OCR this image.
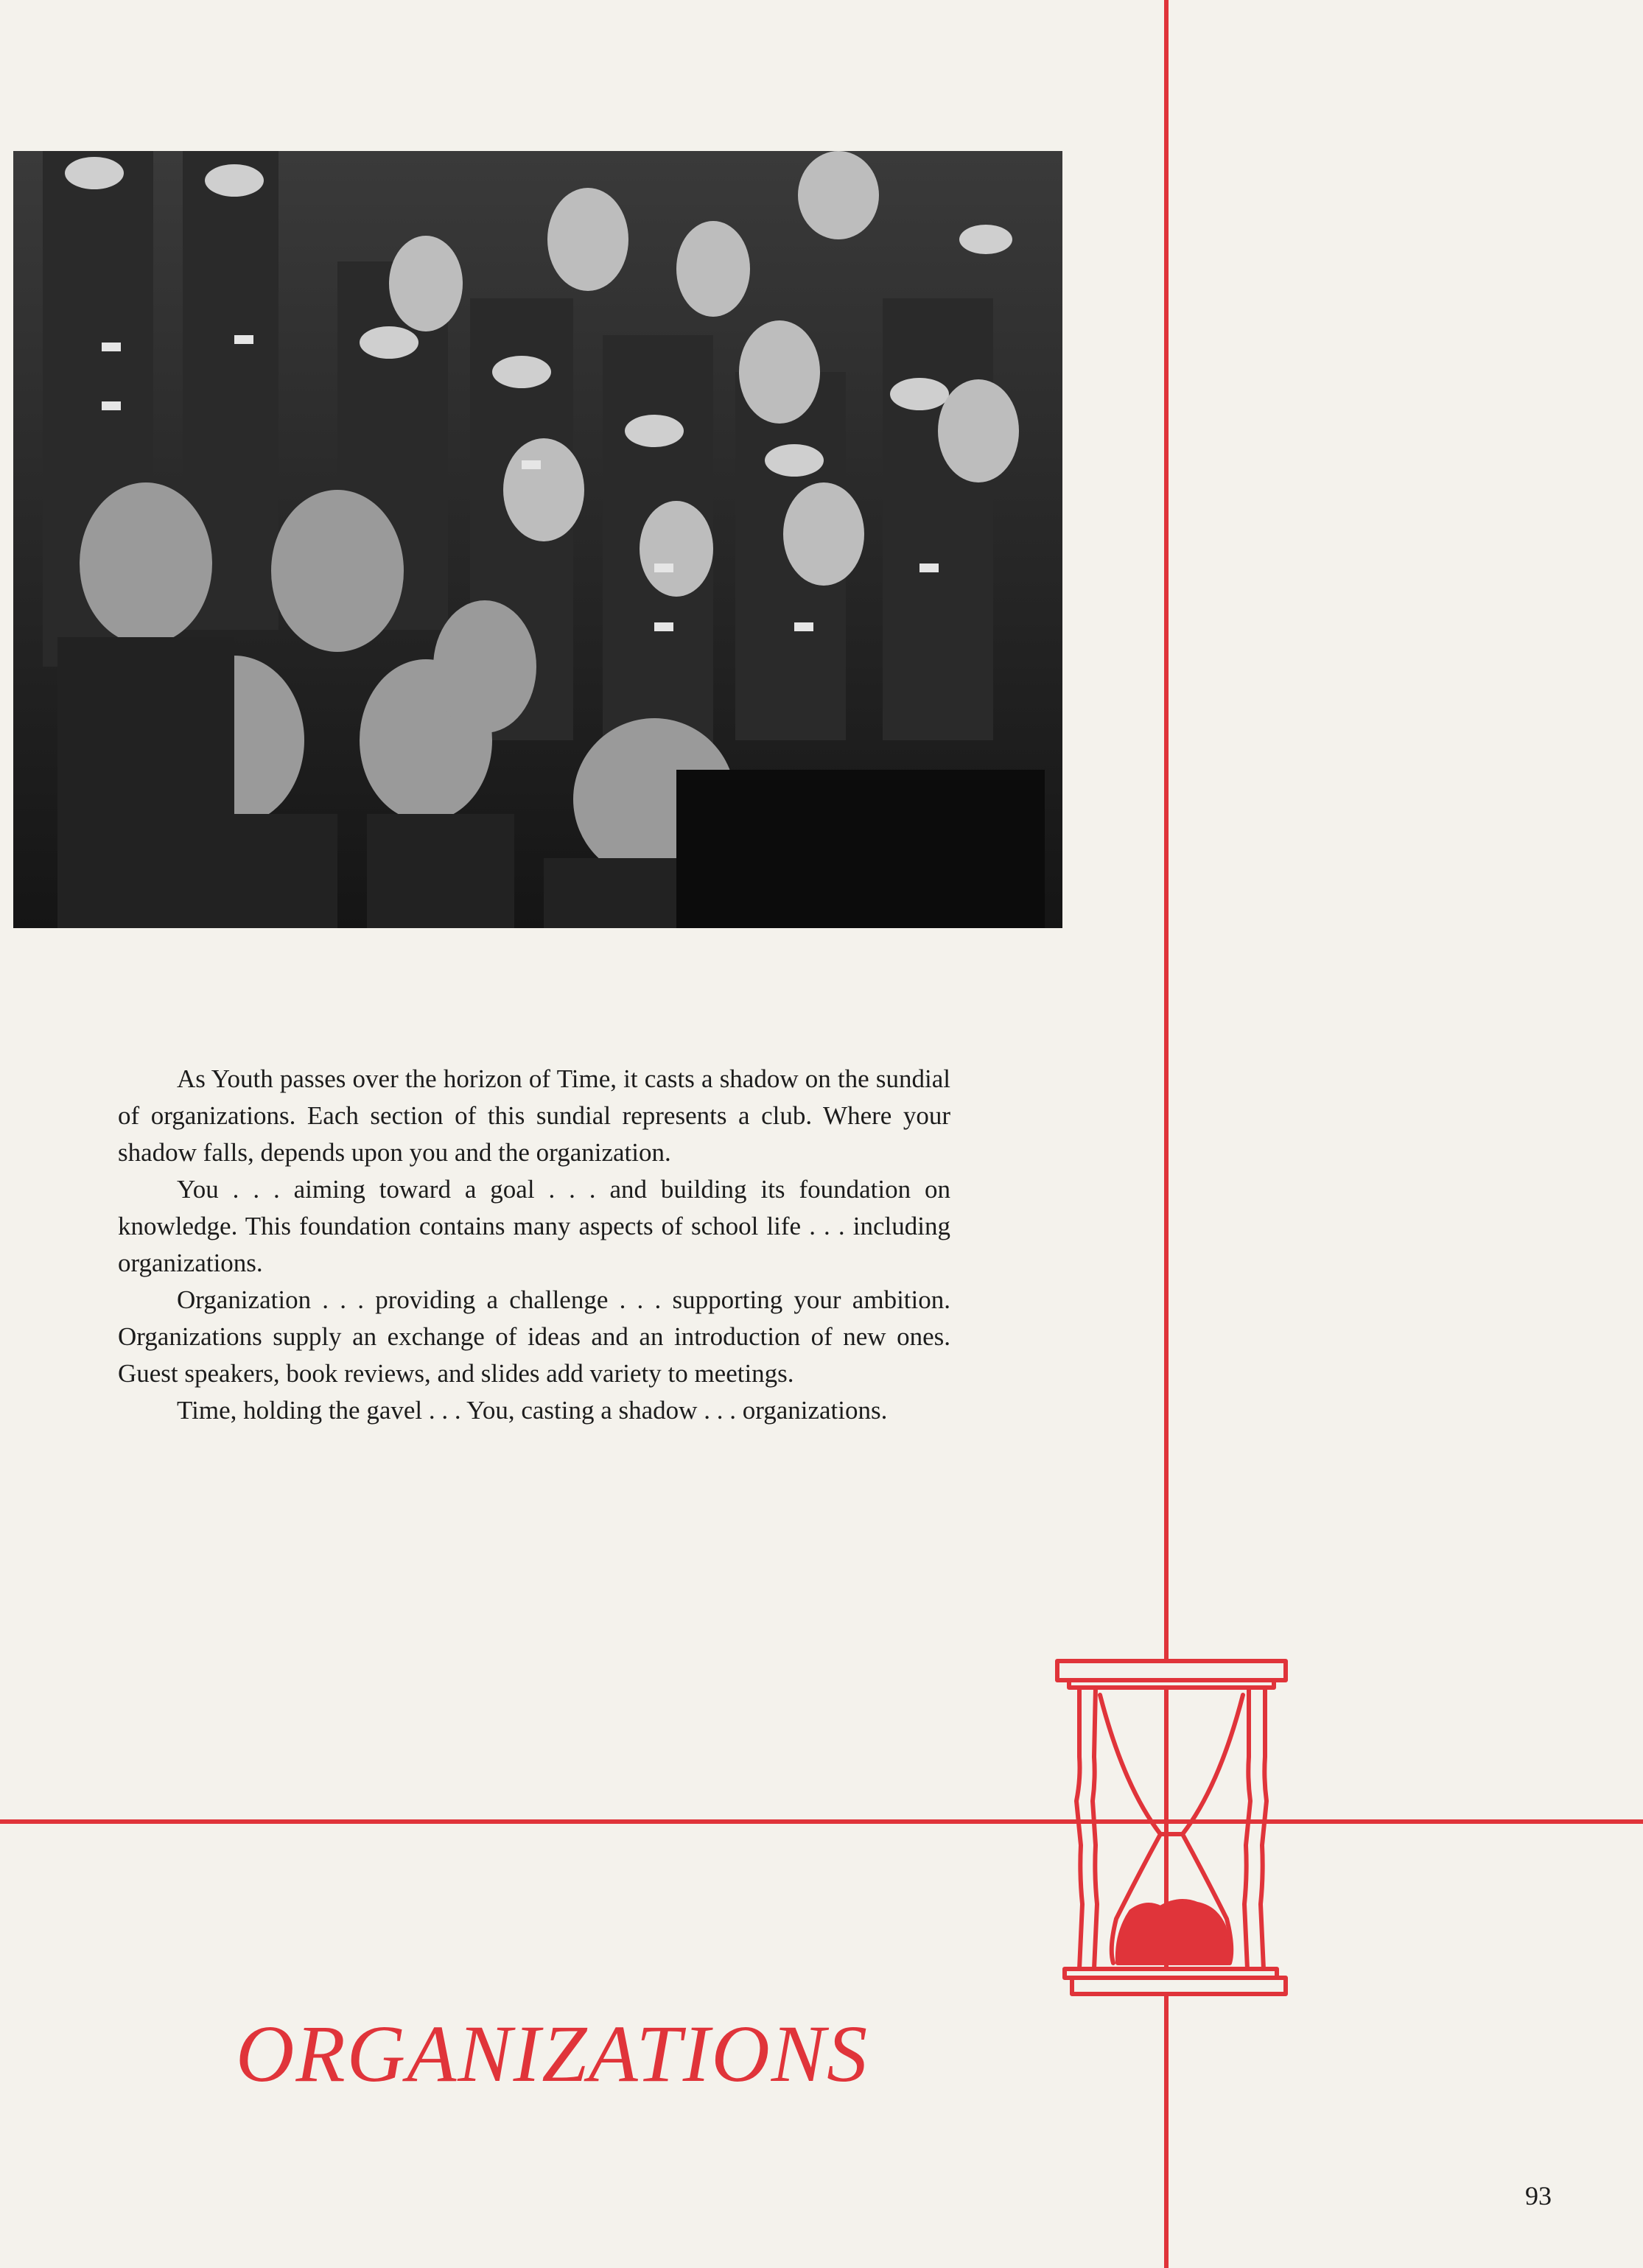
As Youth passes over the horizon of Time, it casts a shadow on the sundial of organizations. Each section of this sundial represents a club. Where your shadow falls, depends upon you and the organization.

You . . . aiming toward a goal . . . and building its foundation on knowledge. This foundation contains many aspects of school life . . . including organizations.

Organization . . . providing a challenge . . . supporting your ambition. Organizations supply an exchange of ideas and an introduction of new ones. Guest speakers, book reviews, and slides add variety to meetings.

Time, holding the gavel . . . You, casting a shadow . . . organizations.

ORGANIZATIONS
93
